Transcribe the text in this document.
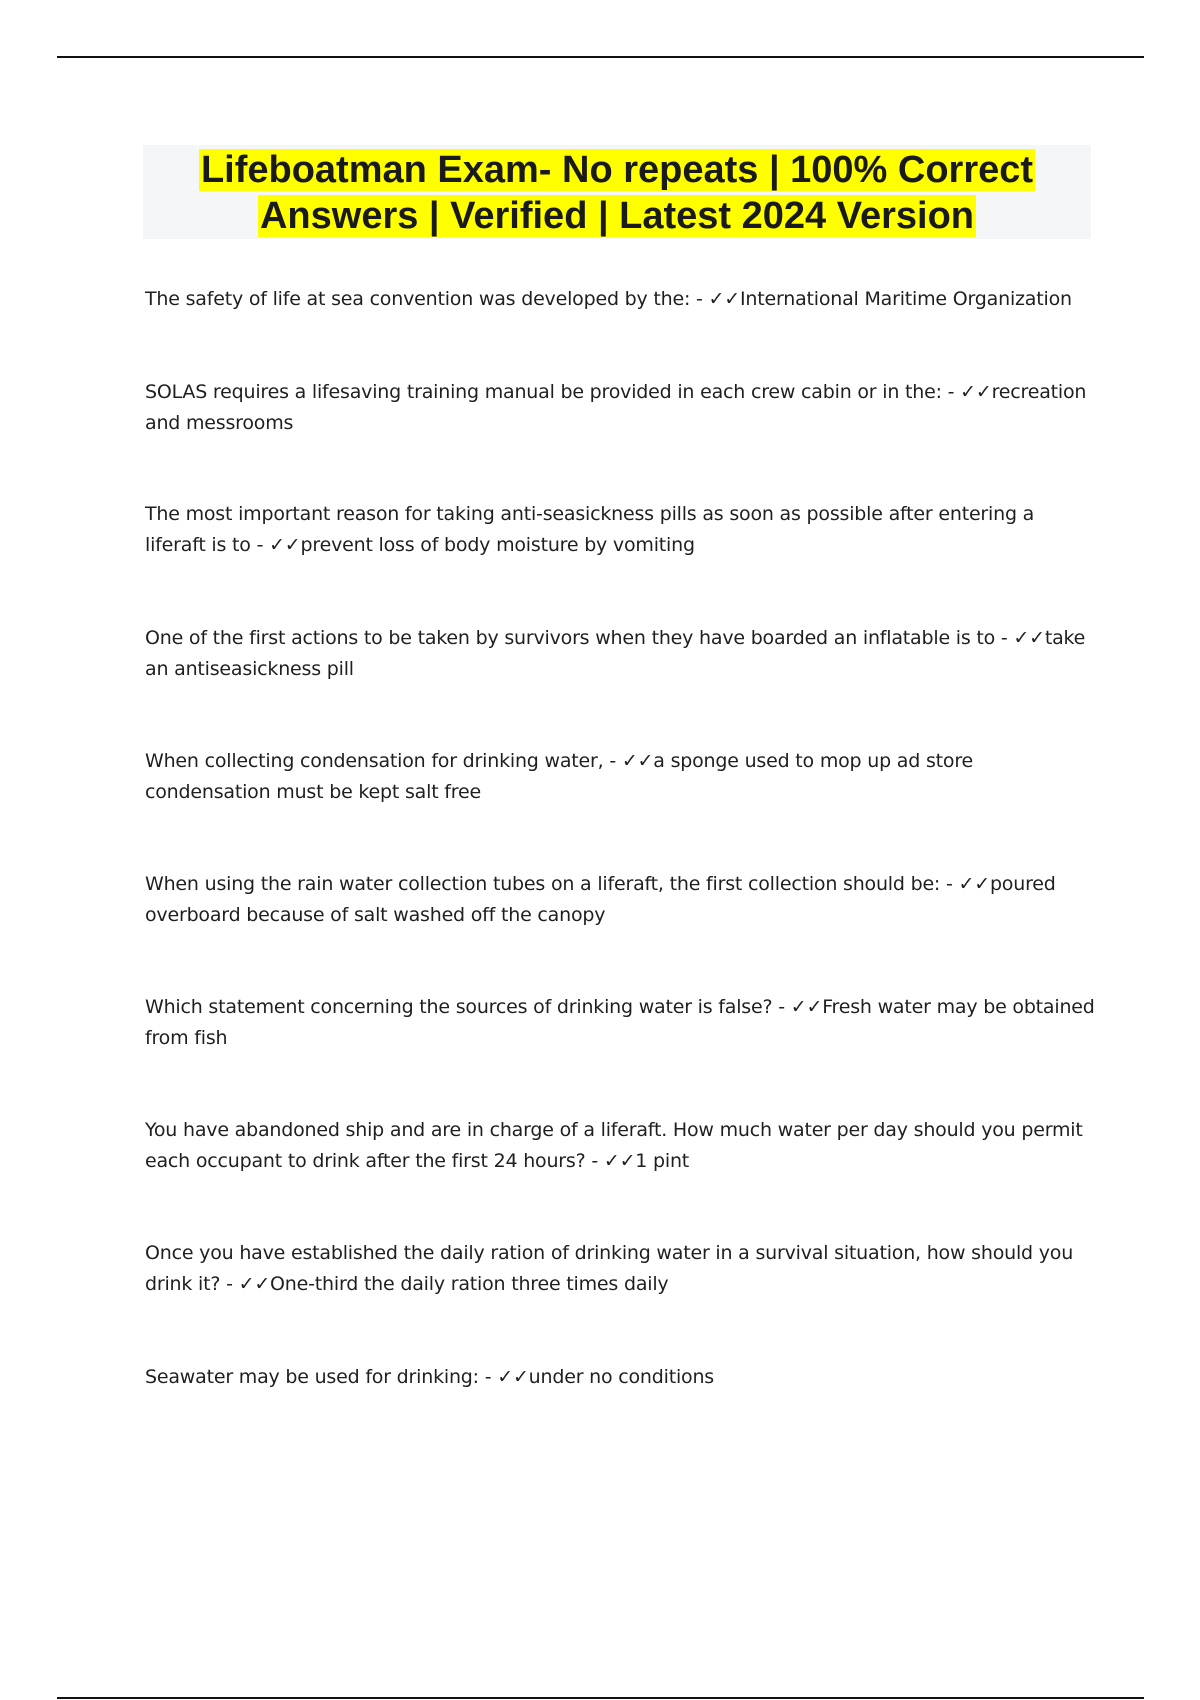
Lifeboatman Exam- No repeats | 100% Correct
Answers | Verified | Latest 2024 Version
The safety of life at sea convention was developed by the: - ✓✓International Maritime Organization
SOLAS requires a lifesaving training manual be provided in each crew cabin or in the: - ✓✓recreation and messrooms
The most important reason for taking anti-seasickness pills as soon as possible after entering a liferaft is to - ✓✓prevent loss of body moisture by vomiting
One of the first actions to be taken by survivors when they have boarded an inflatable is to - ✓✓take an antiseasickness pill
When collecting condensation for drinking water, - ✓✓a sponge used to mop up ad store condensation must be kept salt free
When using the rain water collection tubes on a liferaft, the first collection should be: - ✓✓poured overboard because of salt washed off the canopy
Which statement concerning the sources of drinking water is false? - ✓✓Fresh water may be obtained from fish
You have abandoned ship and are in charge of a liferaft. How much water per day should you permit each occupant to drink after the first 24 hours? - ✓✓1 pint
Once you have established the daily ration of drinking water in a survival situation, how should you drink it? - ✓✓One-third the daily ration three times daily
Seawater may be used for drinking: - ✓✓under no conditions
